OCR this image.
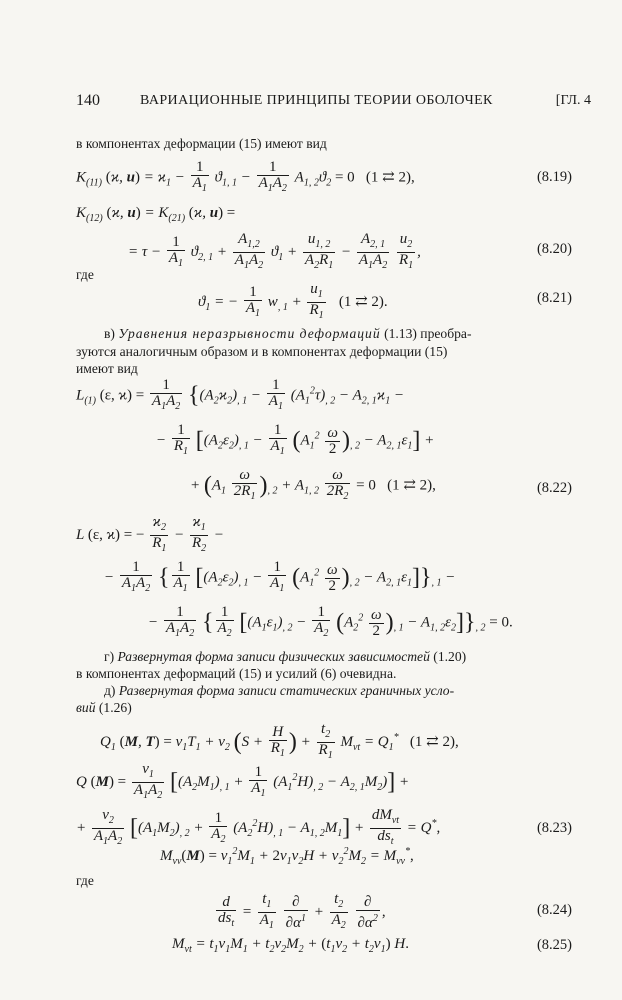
140	ВАРИАЦИОННЫЕ ПРИНЦИПЫ ТЕОРИИ ОБОЛОЧЕК	[ГЛ. 4
в компонентах деформации (15) имеют вид
$K_{(11)}$ (ϰ, $u) = ϰ_1 - \frac{1}{A_1} ϑ_{1, 1} - \frac{1}{A_1A_2} A_{1, 2}ϑ_2 = 0$   (1 ⇄ 2),	(8.19)
$K_{(12)}$ (ϰ, $u) = K_{(21)}$ (ϰ, u) =
= $\tau - \frac{1}{A_1} ϑ_{2, 1} + \frac{A_{1,2}}{A_1A_2} ϑ_1 + \frac{u_{1, 2}}{A_2R_1} - \frac{A_{2, 1}}{A_1A_2}$
$\frac{u_2}{R_1}$ ,	(8.20)
где
$ϑ_1$ = − $\frac{1}{A_1} w_{, 1} + \frac{u_1}{R_1} (1$ ⇄ 2).	(8.21)
в) Уравнения неразрывности деформаций (1.13) преобра-
зуются аналогичным образом и в компонентах деформации (15)
имеют вид
$L_{(1)}$ (ε, $ϰ) = \frac{1}{A_1A_2} \{(A_2ϰ_2)_{, 1} - \frac{1}{A_1} (A_1^2\tau)_{, 2} - A_{2, 1}ϰ_1$ −
− $\frac{1}{R_1} [(A_2\varepsilon_2)_{, 1} - \frac{1}{A_1} (A_1^2 \frac{\omega}{2} )_{, 2} - A_{2, 1}\varepsilon_1]$ +
+ $(A_1 \frac{\omega}{2R_1} )_{, 2} + A_{1, 2} \frac{\omega}{2R_2} = 0$   (1 ⇄ 2),	(8.22)
L (ε, ϰ) = − $\frac{ϰ_2}{R_1} - \frac{ϰ_1}{R_2}$ −
− $\frac{1}{A_1A_2}$ { $\frac{1}{A_1} [(A_2\varepsilon_2)_{, 1} - \frac{1}{A_1} (A_1^2 \frac{\omega}{2} )_{, 2} - A_{2, 1}\varepsilon_1]\}_{, 1}$ −
− $\frac{1}{A_1A_2}$ { $\frac{1}{A_2} [(A_1\varepsilon_1)_{, 2} - \frac{1}{A_2} (A_2^2 \frac{\omega}{2} )_{, 1} - A_{1, 2}\varepsilon_2]\}_{, 2} = 0$.
г) Развернутая форма записи физических зависимостей (1.20)
в компонентах деформаций (15) и усилий (6) очевидна.
д) Развернутая форма записи статических граничных усло-
вий (1.26)
$Q_1$ (M, $T) = \nu_1T_1 + \nu_2$ ($S + \frac{H}{R_1}$ ) + $\frac{t_2}{R_1} M_{\nu t} = Q_1^*$   (1 ⇄ 2),
Q $(M) = \frac{\nu_1}{A_1A_2} [(A_2M_1)_{, 1} + \frac{1}{A_1} (A_1^2H)_{, 2} - A_{2, 1}M_2)$] +
+ $\frac{\nu_2}{A_1A_2} [(A_1M_2)_{, 2} + \frac{1}{A_2} (A_2^2H)_{, 1} - A_{1, 2}M_1] + \frac{dM_{\nu t}}{ds_t} = Q^*$,	(8.23)
$M_{\nu\nu}(M) = \nu_1^2M_1 + 2\nu_1\nu_2H + \nu_2^2M_2 = M_{\nu\nu}^*$,
где
$\frac{d}{ds_t} = \frac{t_1}{A_1}$
$\frac{\partial}{\partial\alpha^1} + \frac{t_2}{A_2}$
$\frac{\partial}{\partial\alpha^2}$ ,	(8.24)
$M_{\nu t} = t_1\nu_1M_1 + t_2\nu_2M_2 + (t_1\nu_2 + t_2\nu_1)$ H.	(8.25)
